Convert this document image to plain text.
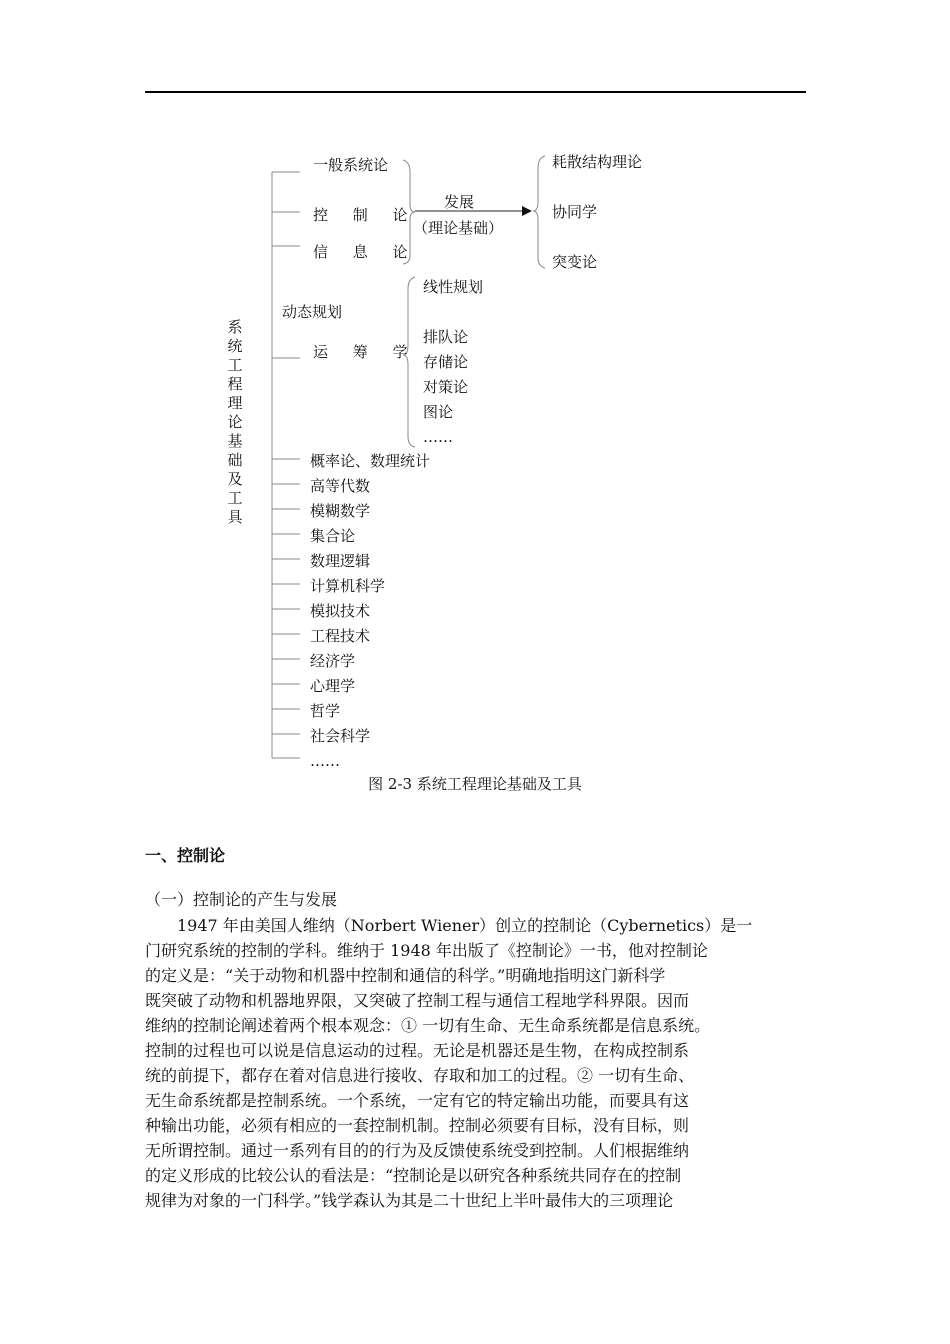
系
统
工
程
理
论
基
础
及
工
具
一般系统论
控 制 论
信 息 论
发展
（理论基础）
耗散结构理论
协同学
突变论
动态规划
运 筹 学
线性规划
排队论
存储论
对策论
图论
……
概率论、数理统计
高等代数
模糊数学
集合论
数理逻辑
计算机科学
模拟技术
工程技术
经济学
心理学
哲学
社会科学
……
图 2-3 系统工程理论基础及工具
一、控制论
（一）控制论的产生与发展
　　1947 年由美国人维纳（Norbert Wiener）创立的控制论（Cybernetics）是一
门研究系统的控制的学科。维纳于 1948 年出版了《控制论》一书，他对控制论
的定义是：“关于动物和机器中控制和通信的科学。”明确地指明这门新科学
既突破了动物和机器地界限，又突破了控制工程与通信工程地学科界限。因而
维纳的控制论阐述着两个根本观念：① 一切有生命、无生命系统都是信息系统。
控制的过程也可以说是信息运动的过程。无论是机器还是生物，在构成控制系
统的前提下，都存在着对信息进行接收、存取和加工的过程。② 一切有生命、
无生命系统都是控制系统。一个系统，一定有它的特定输出功能，而要具有这
种输出功能，必须有相应的一套控制机制。控制必须要有目标，没有目标，则
无所谓控制。通过一系列有目的的行为及反馈使系统受到控制。人们根据维纳
的定义形成的比较公认的看法是：“控制论是以研究各种系统共同存在的控制
规律为对象的一门科学。”钱学森认为其是二十世纪上半叶最伟大的三项理论
